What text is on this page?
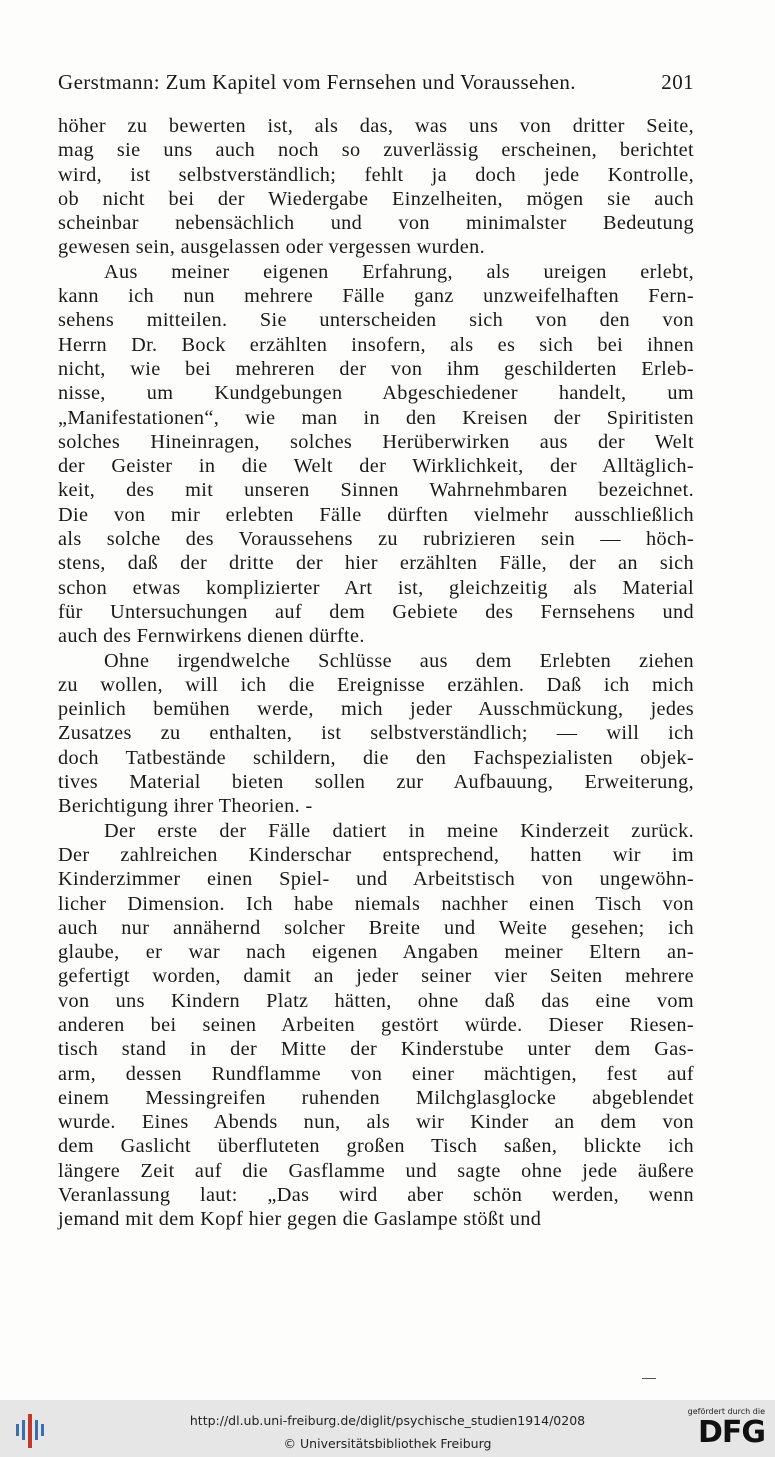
Gerstmann: Zum Kapitel vom Fernsehen und Voraussehen.	201

höher zu bewerten ist, als das, was uns von dritter Seite,

mag sie uns auch noch so zuverlässig erscheinen, berichtet

wird, ist selbstverständlich; fehlt ja doch jede Kontrolle,

ob nicht bei der Wiedergabe Einzelheiten, mögen sie auch

scheinbar nebensächlich und von minimalster Bedeutung

gewesen sein, ausgelassen oder vergessen wurden.

Aus meiner eigenen Erfahrung, als ureigen erlebt,

kann ich nun mehrere Fälle ganz unzweifelhaften Fern-

sehens mitteilen. Sie unterscheiden sich von den von

Herrn Dr. Bock erzählten insofern, als es sich bei ihnen

nicht, wie bei mehreren der von ihm geschilderten Erleb-

nisse, um Kundgebungen Abgeschiedener handelt, um

„Manifestationen“, wie man in den Kreisen der Spiritisten

solches Hineinragen, solches Herüberwirken aus der Welt

der Geister in die Welt der Wirklichkeit, der Alltäglich-

keit, des mit unseren Sinnen Wahrnehmbaren bezeichnet.

Die von mir erlebten Fälle dürften vielmehr ausschließlich

als solche des Voraussehens zu rubrizieren sein — höch-

stens, daß der dritte der hier erzählten Fälle, der an sich

schon etwas komplizierter Art ist, gleichzeitig als Material

für Untersuchungen auf dem Gebiete des Fernsehens und

auch des Fernwirkens dienen dürfte.

Ohne irgendwelche Schlüsse aus dem Erlebten ziehen

zu wollen, will ich die Ereignisse erzählen. Daß ich mich

peinlich bemühen werde, mich jeder Ausschmückung, jedes

Zusatzes zu enthalten, ist selbstverständlich; — will ich

doch Tatbestände schildern, die den Fachspezialisten objek-

tives Material bieten sollen zur Aufbauung, Erweiterung,

Berichtigung ihrer Theorien. -

Der erste der Fälle datiert in meine Kinderzeit zurück.

Der zahlreichen Kinderschar entsprechend, hatten wir im

Kinderzimmer einen Spiel- und Arbeitstisch von ungewöhn-

licher Dimension. Ich habe niemals nachher einen Tisch von

auch nur annähernd solcher Breite und Weite gesehen; ich

glaube, er war nach eigenen Angaben meiner Eltern an-

gefertigt worden, damit an jeder seiner vier Seiten mehrere

von uns Kindern Platz hätten, ohne daß das eine vom

anderen bei seinen Arbeiten gestört würde. Dieser Riesen-

tisch stand in der Mitte der Kinderstube unter dem Gas-

arm, dessen Rundflamme von einer mächtigen, fest auf

einem Messingreifen ruhenden Milchglasglocke abgeblendet

wurde. Eines Abends nun, als wir Kinder an dem von

dem Gaslicht überfluteten großen Tisch saßen, blickte ich

längere Zeit auf die Gasflamme und sagte ohne jede äußere

Veranlassung laut: „Das wird aber schön werden, wenn

jemand mit dem Kopf hier gegen die Gaslampe stößt und

http://dl.ub.uni-freiburg.de/diglit/psychische_studien1914/0208
© Universitätsbibliothek Freiburg
gefördert durch die
DFG
